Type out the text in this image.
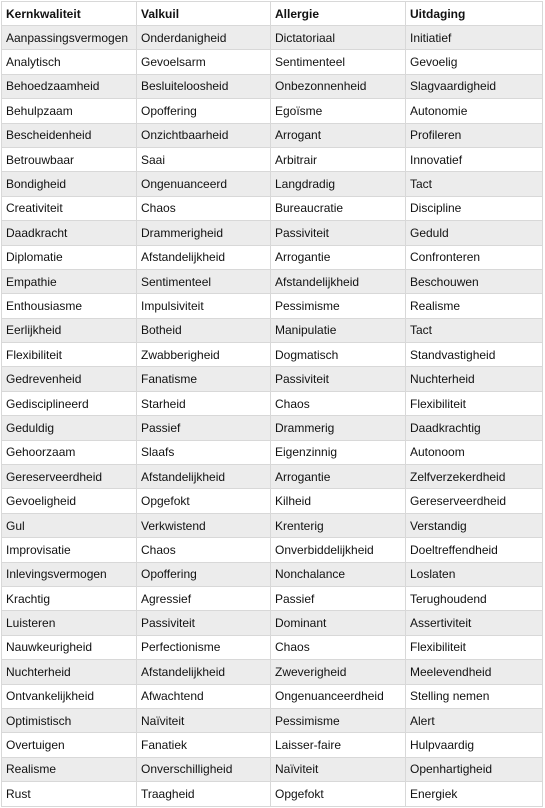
Kernkwaliteit	Valkuil	Allergie	Uitdaging
Aanpassingsvermogen	Onderdanigheid	Dictatoriaal	Initiatief
Analytisch	Gevoelsarm	Sentimenteel	Gevoelig
Behoedzaamheid	Besluiteloosheid	Onbezonnenheid	Slagvaardigheid
Behulpzaam	Opoffering	Egoïsme	Autonomie
Bescheidenheid	Onzichtbaarheid	Arrogant	Profileren
Betrouwbaar	Saai	Arbitrair	Innovatief
Bondigheid	Ongenuanceerd	Langdradig	Tact
Creativiteit	Chaos	Bureaucratie	Discipline
Daadkracht	Drammerigheid	Passiviteit	Geduld
Diplomatie	Afstandelijkheid	Arrogantie	Confronteren
Empathie	Sentimenteel	Afstandelijkheid	Beschouwen
Enthousiasme	Impulsiviteit	Pessimisme	Realisme
Eerlijkheid	Botheid	Manipulatie	Tact
Flexibiliteit	Zwabberigheid	Dogmatisch	Standvastigheid
Gedrevenheid	Fanatisme	Passiviteit	Nuchterheid
Gedisciplineerd	Starheid	Chaos	Flexibiliteit
Geduldig	Passief	Drammerig	Daadkrachtig
Gehoorzaam	Slaafs	Eigenzinnig	Autonoom
Gereserveerdheid	Afstandelijkheid	Arrogantie	Zelfverzekerdheid
Gevoeligheid	Opgefokt	Kilheid	Gereserveerdheid
Gul	Verkwistend	Krenterig	Verstandig
Improvisatie	Chaos	Onverbiddelijkheid	Doeltreffendheid
Inlevingsvermogen	Opoffering	Nonchalance	Loslaten
Krachtig	Agressief	Passief	Terughoudend
Luisteren	Passiviteit	Dominant	Assertiviteit
Nauwkeurigheid	Perfectionisme	Chaos	Flexibiliteit
Nuchterheid	Afstandelijkheid	Zweverigheid	Meelevendheid
Ontvankelijkheid	Afwachtend	Ongenuanceerdheid	Stelling nemen
Optimistisch	Naïviteit	Pessimisme	Alert
Overtuigen	Fanatiek	Laisser-faire	Hulpvaardig
Realisme	Onverschilligheid	Naïviteit	Openhartigheid
Rust	Traagheid	Opgefokt	Energiek
